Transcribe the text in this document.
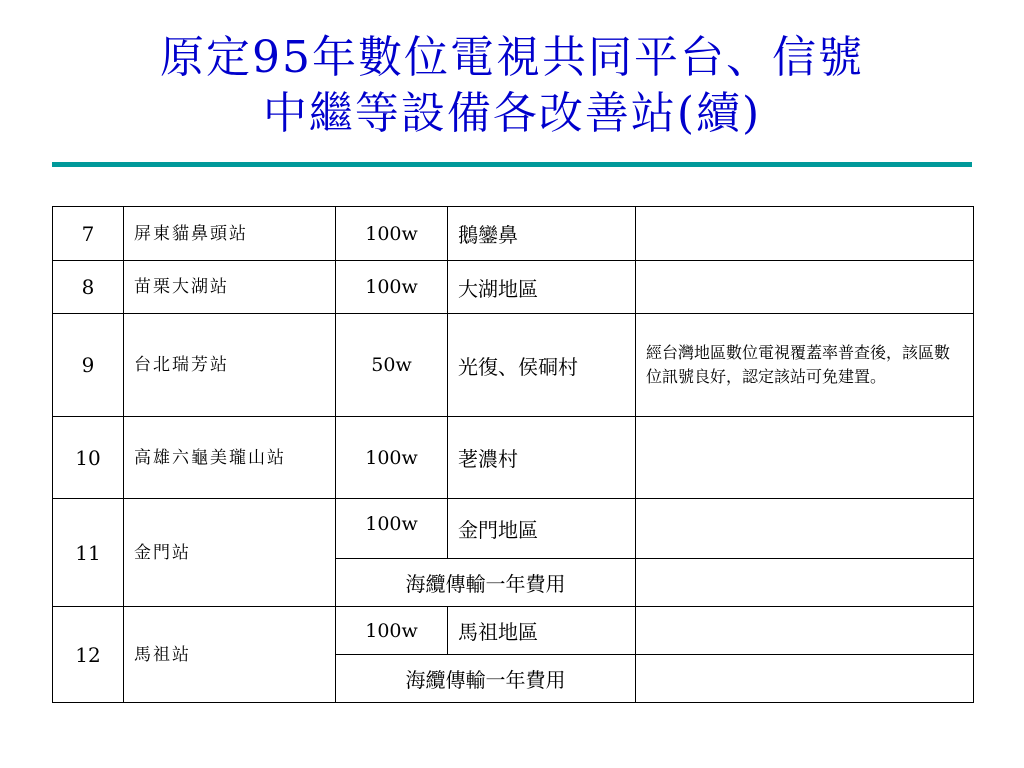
原定95年數位電視共同平台、信號
中繼等設備各改善站(續)
7	屏東貓鼻頭站	100w	鵝鑾鼻	
8	苗栗大湖站	100w	大湖地區	
9	台北瑞芳站	50w	光復、侯硐村	經台灣地區數位電視覆蓋率普查後，該區數位訊號良好，認定該站可免建置。
10	高雄六龜美瓏山站	100w	荖濃村	
11	金門站	100w	金門地區	
		海纜傳輸一年費用		
12	馬祖站	100w	馬祖地區	
		海纜傳輸一年費用		
